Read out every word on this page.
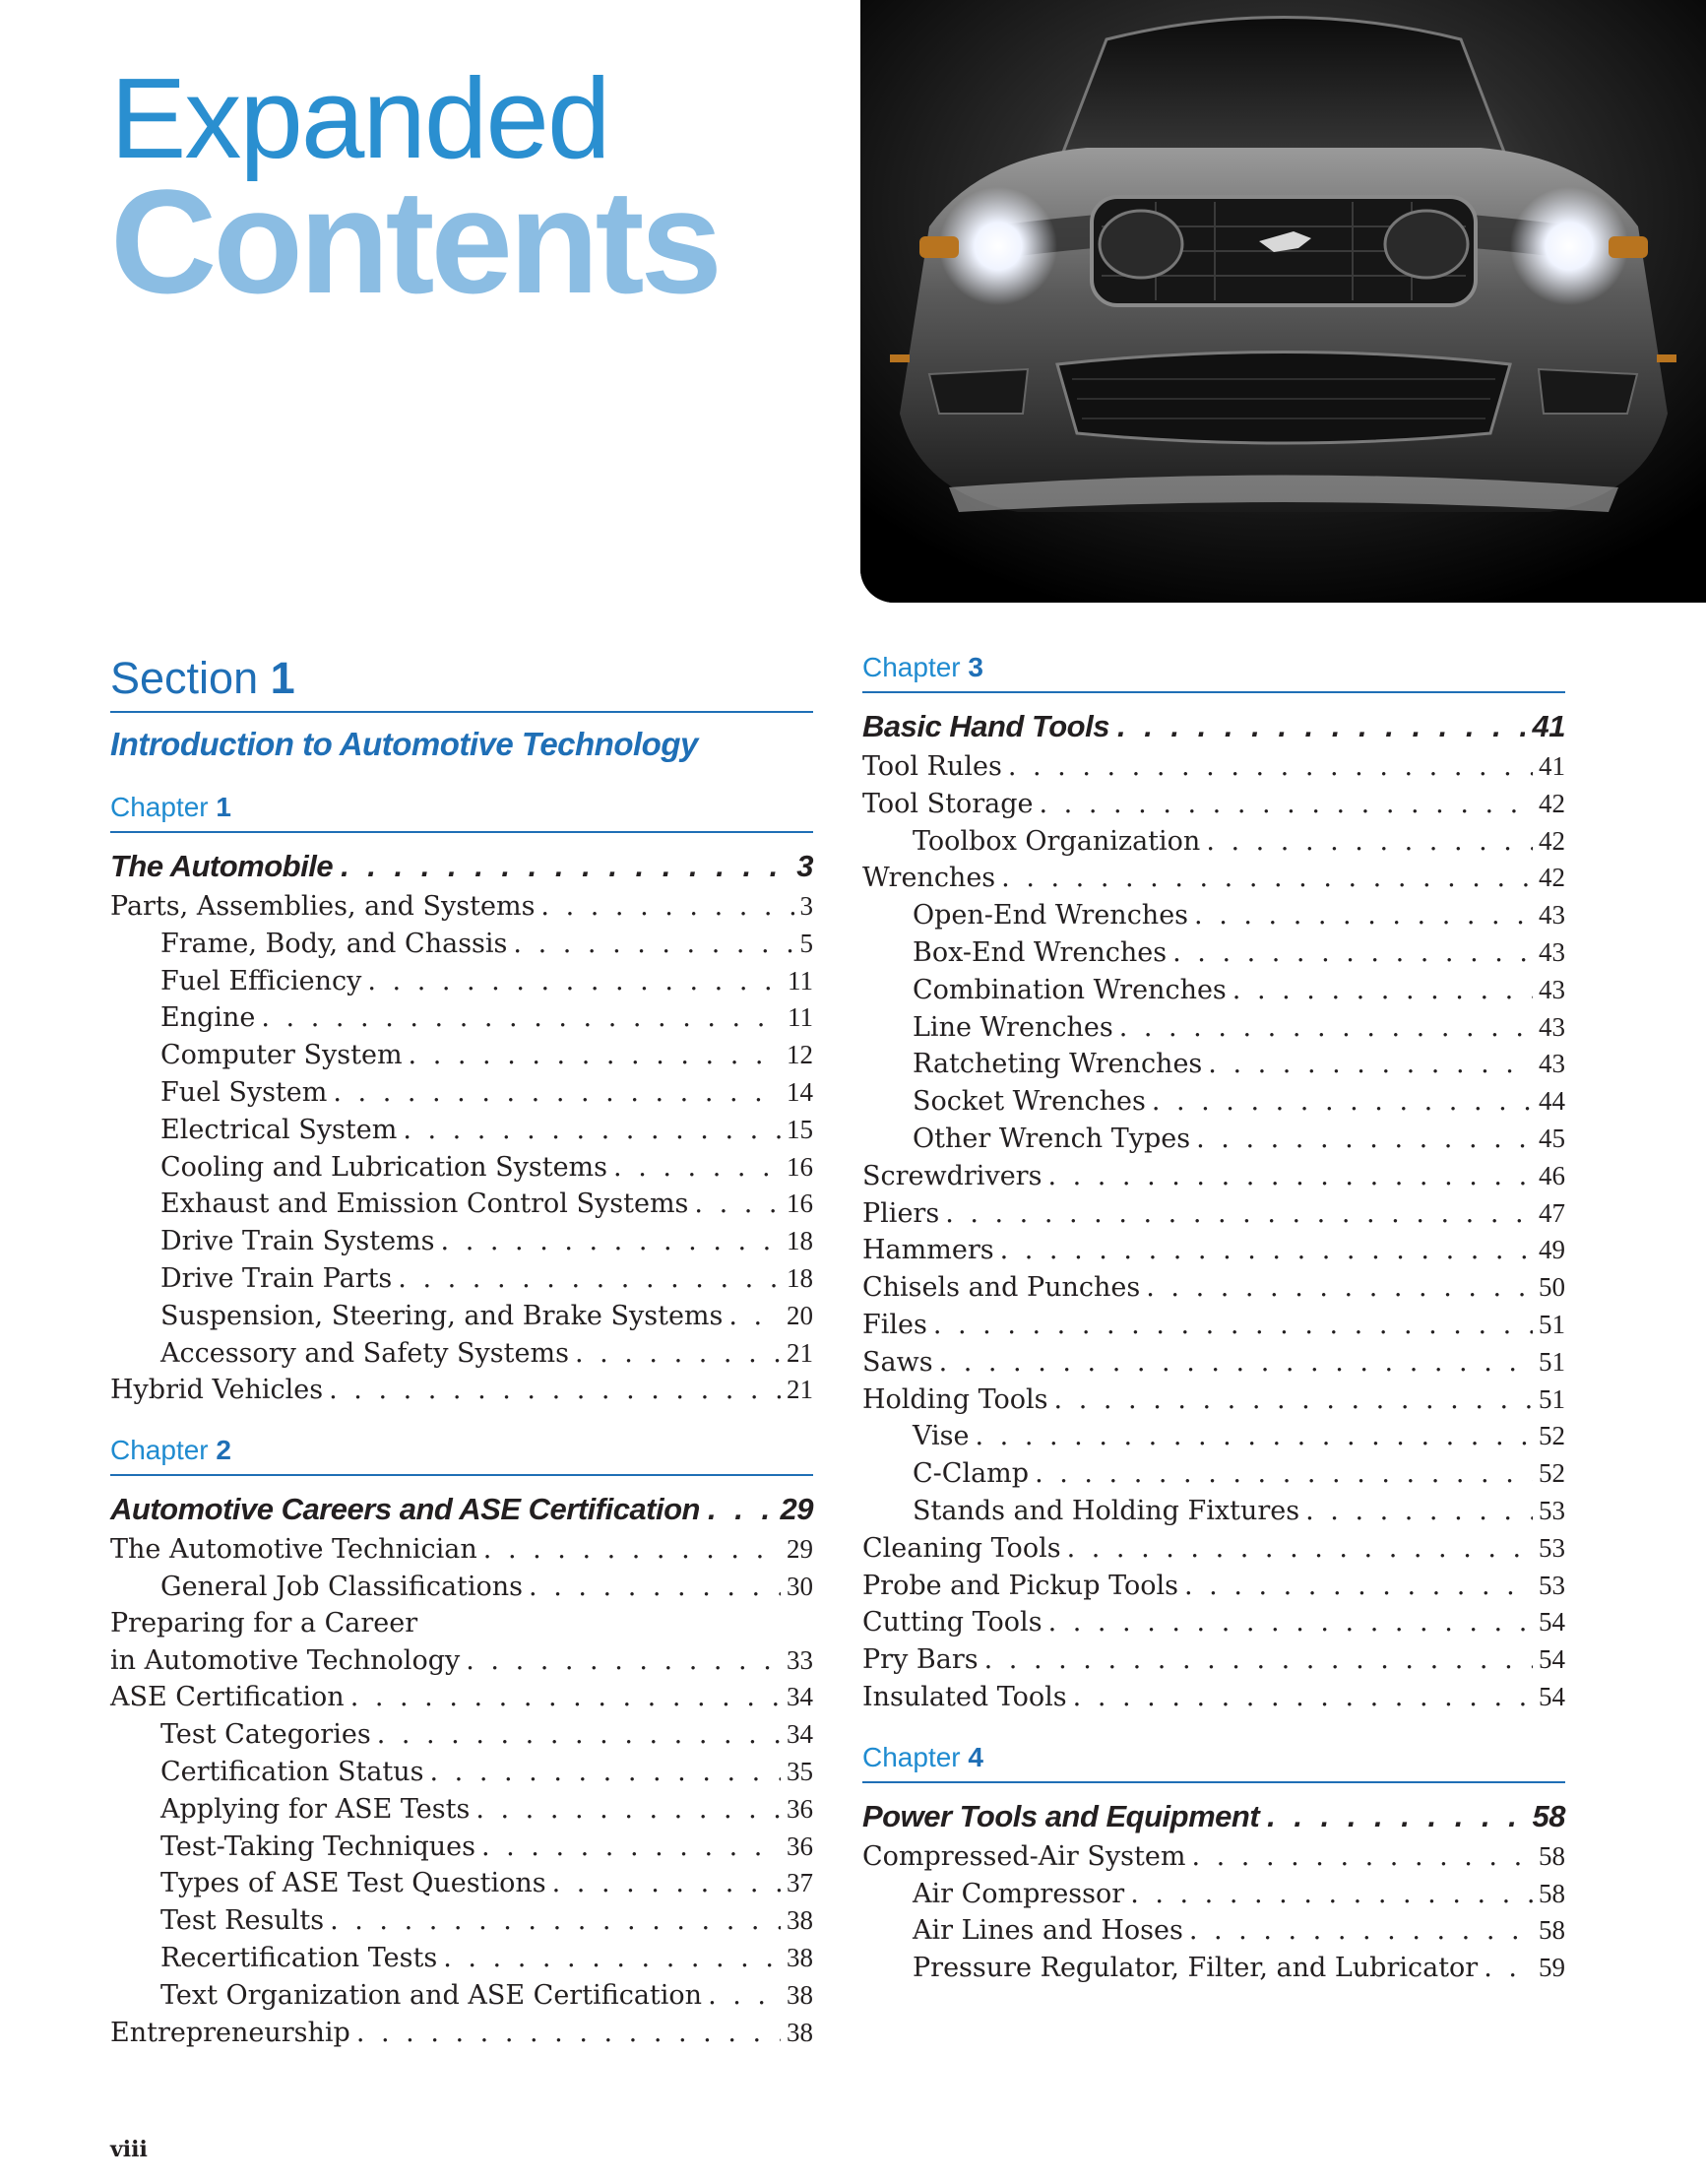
Expanded
Contents
Section 1
Introduction to Automotive Technology
Chapter 1
The Automobile . . .	3
Parts, Assemblies, and Systems . . .	3
Frame, Body, and Chassis . . .	5
Fuel Efficiency . . .	11
Engine . . .	11
Computer System . . .	12
Fuel System . . .	14
Electrical System . . .	15
Cooling and Lubrication Systems . . .	16
Exhaust and Emission Control Systems . . .	16
Drive Train Systems . . .	18
Drive Train Parts . . .	18
Suspension, Steering, and Brake Systems . . . 20
Accessory and Safety Systems . . .	21
Hybrid Vehicles . . .	21
Chapter 2
Automotive Careers and ASE Certification . . .	29
The Automotive Technician . . .	29
General Job Classifications . . .	30
Preparing for a Career
in Automotive Technology . . .	33
ASE Certification . . .	34
Test Categories . . .	34
Certification Status . . .	35
Applying for ASE Tests . . .	36
Test-Taking Techniques . . .	36
Types of ASE Test Questions . . .	37
Test Results . . .	38
Recertification Tests . . .	38
Text Organization and ASE Certification . . .	38
Entrepreneurship . . .	38
Chapter 3
Basic Hand Tools . . .	41
Tool Rules . . .	41
Tool Storage . . .	42
Toolbox Organization . . .	42
Wrenches . . .	42
Open-End Wrenches . . .	43
Box-End Wrenches . . .	43
Combination Wrenches . . .	43
Line Wrenches . . .	43
Ratcheting Wrenches . . .	43
Socket Wrenches . . .	44
Other Wrench Types . . .	45
Screwdrivers . . .	46
Pliers . . .	47
Hammers . . .	49
Chisels and Punches . . .	50
Files . . .	51
Saws . . .	51
Holding Tools . . .	51
Vise . . .	52
C-Clamp . . .	52
Stands and Holding Fixtures . . .	53
Cleaning Tools . . .	53
Probe and Pickup Tools . . .	53
Cutting Tools . . .	54
Pry Bars . . .	54
Insulated Tools . . .	54
Chapter 4
Power Tools and Equipment . . .	58
Compressed-Air System . . .	58
Air Compressor . . .	58
Air Lines and Hoses . . .	58
Pressure Regulator, Filter, and Lubricator . . . 59
viii
